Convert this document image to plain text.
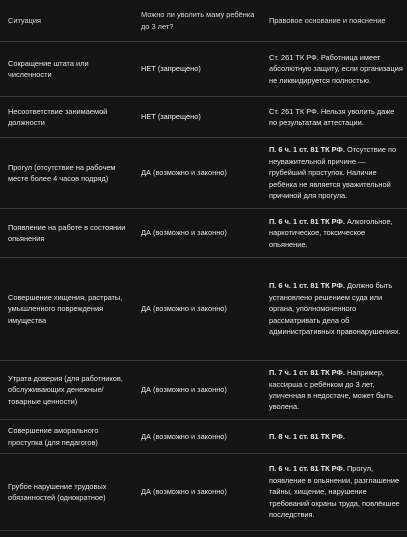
Ситуация	Можно ли уволить маму ребёнка до 3 лет?	Правовое основание и пояснение
Сокращение штата или численности	НЕТ (запрещено)	Ст. 261 ТК РФ. Работница имеет абсолютную защиту, если организация не ликвидируется полностью.
Несоответствие занимаемой должности	НЕТ (запрещено)	Ст. 261 ТК РФ. Нельзя уволить даже по результатам аттестации.
Прогул (отсутствие на рабочем месте более 4 часов подряд)	ДА (возможно и законно)	П. 6 ч. 1 ст. 81 ТК РФ. Отсутствие по неуважительной причине — грубейший проступок. Наличие ребёнка не является уважительной причиной для прогула.
Появление на работе в состоянии опьянения	ДА (возможно и законно)	П. 6 ч. 1 ст. 81 ТК РФ. Алкогольное, наркотическое, токсическое опьянение.
Совершение хищения, растраты, умышленного повреждения имущества	ДА (возможно и законно)	П. 6 ч. 1 ст. 81 ТК РФ. Должно быть установлено решением суда или органа, уполномоченного рассматривать дела об административных правонарушениях.
Утрата доверия (для работников, обслуживающих денежные/товарные ценности)	ДА (возможно и законно)	П. 7 ч. 1 ст. 81 ТК РФ. Например, кассирша с ребёнком до 3 лет, уличенная в недостаче, может быть уволена.
Совершение аморального проступка (для педагогов)	ДА (возможно и законно)	П. 8 ч. 1 ст. 81 ТК РФ.
Грубое нарушение трудовых обязанностей (однократное)	ДА (возможно и законно)	П. 6 ч. 1 ст. 81 ТК РФ. Прогул, появление в опьянении, разглашение тайны, хищение, нарушение требований охраны труда, повлёкшее последствия.
